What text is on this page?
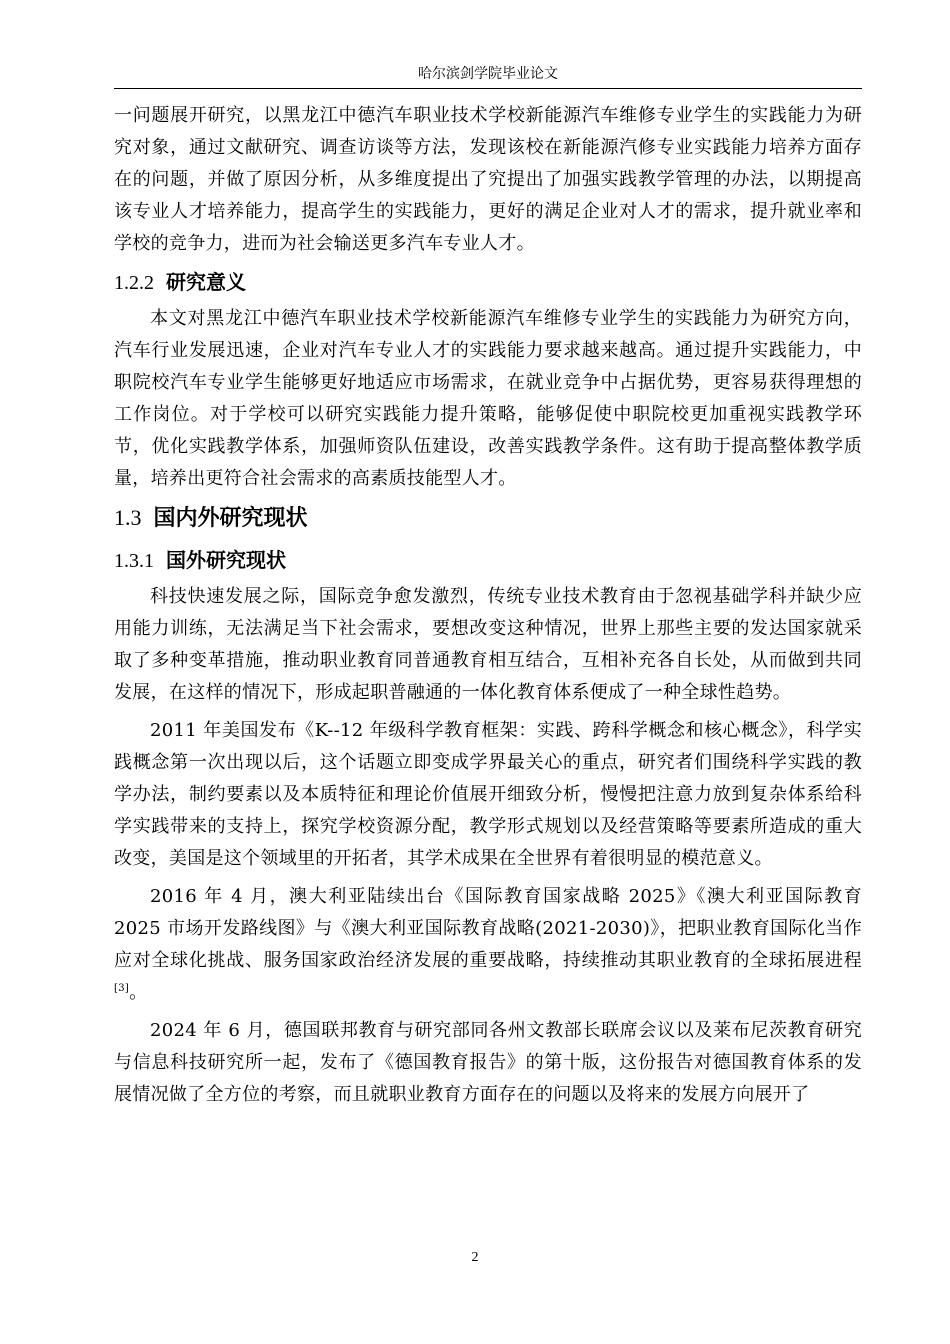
哈尔滨剑学院毕业论文

一问题展开研究，以黑龙江中德汽车职业技术学校新能源汽车维修专业学生的实践能力为研究对象，通过文献研究、调查访谈等方法，发现该校在新能源汽修专业实践能力培养方面存在的问题，并做了原因分析，从多维度提出了究提出了加强实践教学管理的办法，以期提高该专业人才培养能力，提高学生的实践能力，更好的满足企业对人才的需求，提升就业率和学校的竞争力，进而为社会输送更多汽车专业人才。

1.2.2 研究意义

本文对黑龙江中德汽车职业技术学校新能源汽车维修专业学生的实践能力为研究方向，汽车行业发展迅速，企业对汽车专业人才的实践能力要求越来越高。通过提升实践能力，中职院校汽车专业学生能够更好地适应市场需求，在就业竞争中占据优势，更容易获得理想的工作岗位。对于学校可以研究实践能力提升策略，能够促使中职院校更加重视实践教学环节，优化实践教学体系，加强师资队伍建设，改善实践教学条件。这有助于提高整体教学质量，培养出更符合社会需求的高素质技能型人才。

1.3 国内外研究现状
1.3.1 国外研究现状

科技快速发展之际，国际竞争愈发激烈，传统专业技术教育由于忽视基础学科并缺少应用能力训练，无法满足当下社会需求，要想改变这种情况，世界上那些主要的发达国家就采取了多种变革措施，推动职业教育同普通教育相互结合，互相补充各自长处，从而做到共同发展，在这样的情况下，形成起职普融通的一体化教育体系便成了一种全球性趋势。

2011 年美国发布《K--12 年级科学教育框架：实践、跨科学概念和核心概念》，科学实践概念第一次出现以后，这个话题立即变成学界最关心的重点，研究者们围绕科学实践的教学办法，制约要素以及本质特征和理论价值展开细致分析，慢慢把注意力放到复杂体系给科学实践带来的支持上，探究学校资源分配，教学形式规划以及经营策略等要素所造成的重大改变，美国是这个领域里的开拓者，其学术成果在全世界有着很明显的模范意义。

2016 年 4 月，澳大利亚陆续出台《国际教育国家战略 2025》《澳大利亚国际教育 2025 市场开发路线图》与《澳大利亚国际教育战略(2021-2030)》，把职业教育国际化当作应对全球化挑战、服务国家政治经济发展的重要战略，持续推动其职业教育的全球拓展进程[3]。

2024 年 6 月，德国联邦教育与研究部同各州文教部长联席会议以及莱布尼茨教育研究与信息科技研究所一起，发布了《德国教育报告》的第十版，这份报告对德国教育体系的发展情况做了全方位的考察，而且就职业教育方面存在的问题以及将来的发展方向展开了

2
